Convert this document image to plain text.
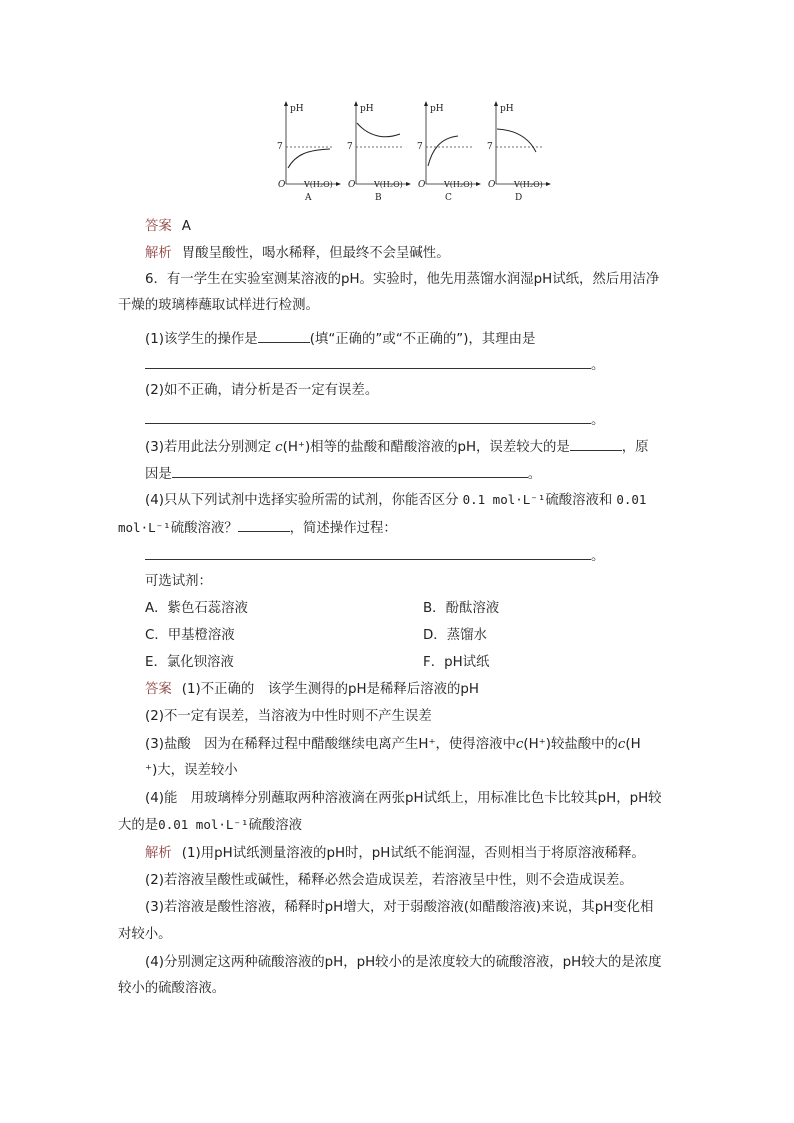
pH
7
O V(H₂O)
A
pH
7
O V(H₂O)
B
pH
7
O V(H₂O)
C
pH
7
O V(H₂O)
D
答案 A
解析 胃酸呈酸性，喝水稀释，但最终不会呈碱性。
6．有一学生在实验室测某溶液的pH。实验时，他先用蒸馏水润湿pH试纸，然后用洁净
干燥的玻璃棒蘸取试样进行检测。
(1)该学生的操作是	(填“正确的”或“不正确的”)，其理由是
。
(2)如不正确，请分析是否一定有误差。
。
(3)若用此法分别测定 c(H⁺)相等的盐酸和醋酸溶液的pH，误差较大的是	，原
因是	。
(4)只从下列试剂中选择实验所需的试剂，你能否区分 0.1 mol·L⁻¹硫酸溶液和 0.01
mol·L⁻¹硫酸溶液？	，简述操作过程：
。
可选试剂：
A．紫色石蕊溶液	B．酚酞溶液
C．甲基橙溶液	D．蒸馏水
E．氯化钡溶液	F．pH试纸
答案 (1)不正确的　该学生测得的pH是稀释后溶液的pH
(2)不一定有误差，当溶液为中性时则不产生误差
(3)盐酸　因为在稀释过程中醋酸继续电离产生H⁺，使得溶液中c(H⁺)较盐酸中的c(H
⁺)大，误差较小
(4)能　用玻璃棒分别蘸取两种溶液滴在两张pH试纸上，用标准比色卡比较其pH，pH较
大的是0.01 mol·L⁻¹硫酸溶液
解析 (1)用pH试纸测量溶液的pH时，pH试纸不能润湿，否则相当于将原溶液稀释。
(2)若溶液呈酸性或碱性，稀释必然会造成误差，若溶液呈中性，则不会造成误差。
(3)若溶液是酸性溶液，稀释时pH增大，对于弱酸溶液(如醋酸溶液)来说，其pH变化相
对较小。
(4)分别测定这两种硫酸溶液的pH，pH较小的是浓度较大的硫酸溶液，pH较大的是浓度
较小的硫酸溶液。
